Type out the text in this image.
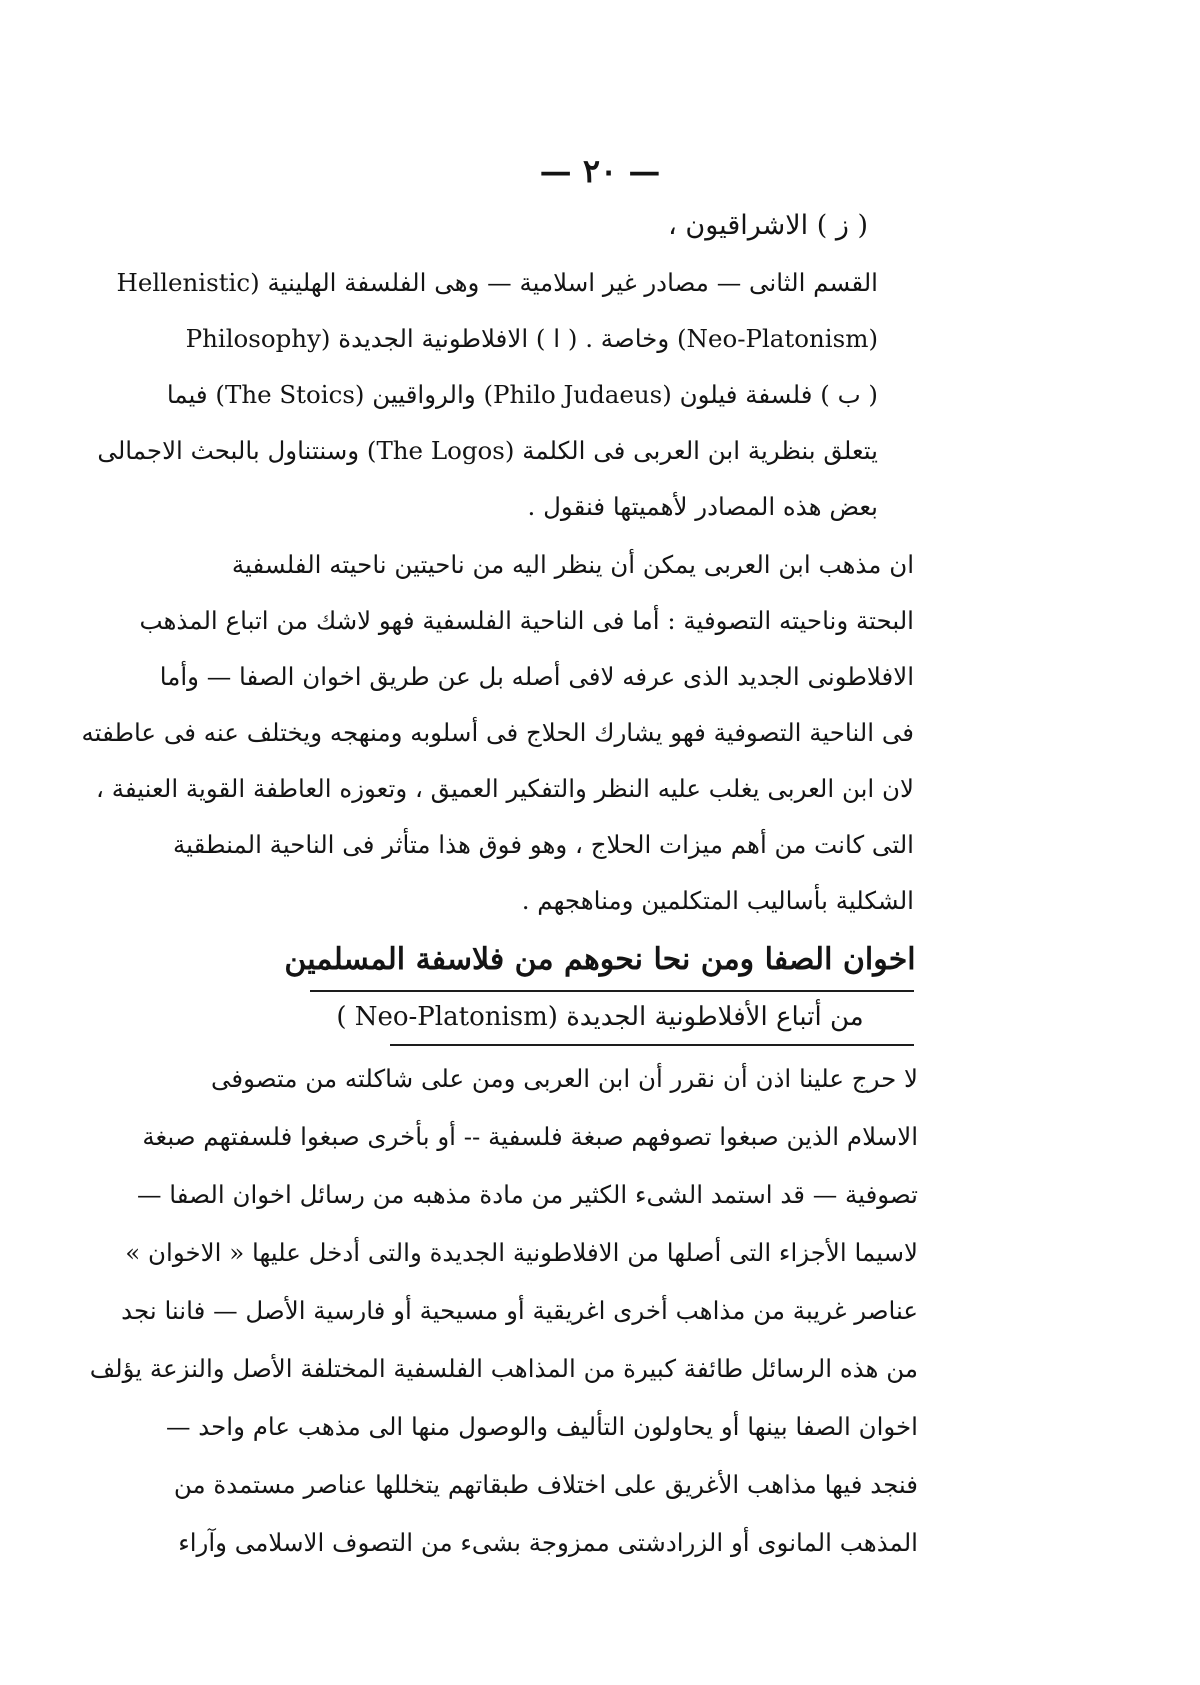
— ٢٠ —
( ز ) الاشراقيون ،
القسم الثانى — مصادر غير اسلامية — وهى الفلسفة الهلينية (Hellenistic
(Neo-Platonism) وخاصة . ( ا ) الافلاطونية الجديدة (Philosophy
( ب ) فلسفة فيلون (Philo Judaeus) والرواقيين (The Stoics) فيما
يتعلق بنظرية ابن العربى فى الكلمة (The Logos) وسنتناول بالبحث الاجمالى
بعض هذه المصادر لأهميتها فنقول .
ان مذهب ابن العربى يمكن أن ينظر اليه من ناحيتين ناحيته الفلسفية
البحتة وناحيته التصوفية : أما فى الناحية الفلسفية فهو لاشك من اتباع المذهب
الافلاطونى الجديد الذى عرفه لافى أصله بل عن طريق اخوان الصفا — وأما
فى الناحية التصوفية فهو يشارك الحلاج فى أسلوبه ومنهجه ويختلف عنه فى عاطفته
لان ابن العربى يغلب عليه النظر والتفكير العميق ، وتعوزه العاطفة القوية العنيفة ،
التى كانت من أهم ميزات الحلاج ، وهو فوق هذا متأثر فى الناحية المنطقية
الشكلية بأساليب المتكلمين ومناهجهم .
اخوان الصفا ومن نحا نحوهم من فلاسفة المسلمين
من أتباع الأفلاطونية الجديدة (Neo-Platonism )
لا حرج علينا اذن أن نقرر أن ابن العربى ومن على شاكلته من متصوفى
الاسلام الذين صبغوا تصوفهم صبغة فلسفية -- أو بأخرى صبغوا فلسفتهم صبغة
تصوفية — قد استمد الشىء الكثير من مادة مذهبه من رسائل اخوان الصفا —
لاسيما الأجزاء التى أصلها من الافلاطونية الجديدة والتى أدخل عليها « الاخوان »
عناصر غريبة من مذاهب أخرى اغريقية أو مسيحية أو فارسية الأصل — فاننا نجد
من هذه الرسائل طائفة كبيرة من المذاهب الفلسفية المختلفة الأصل والنزعة يؤلف
اخوان الصفا بينها أو يحاولون التأليف والوصول منها الى مذهب عام واحد —
فنجد فيها مذاهب الأغريق على اختلاف طبقاتهم يتخللها عناصر مستمدة من
المذهب المانوى أو الزرادشتى ممزوجة بشىء من التصوف الاسلامى وآراء
